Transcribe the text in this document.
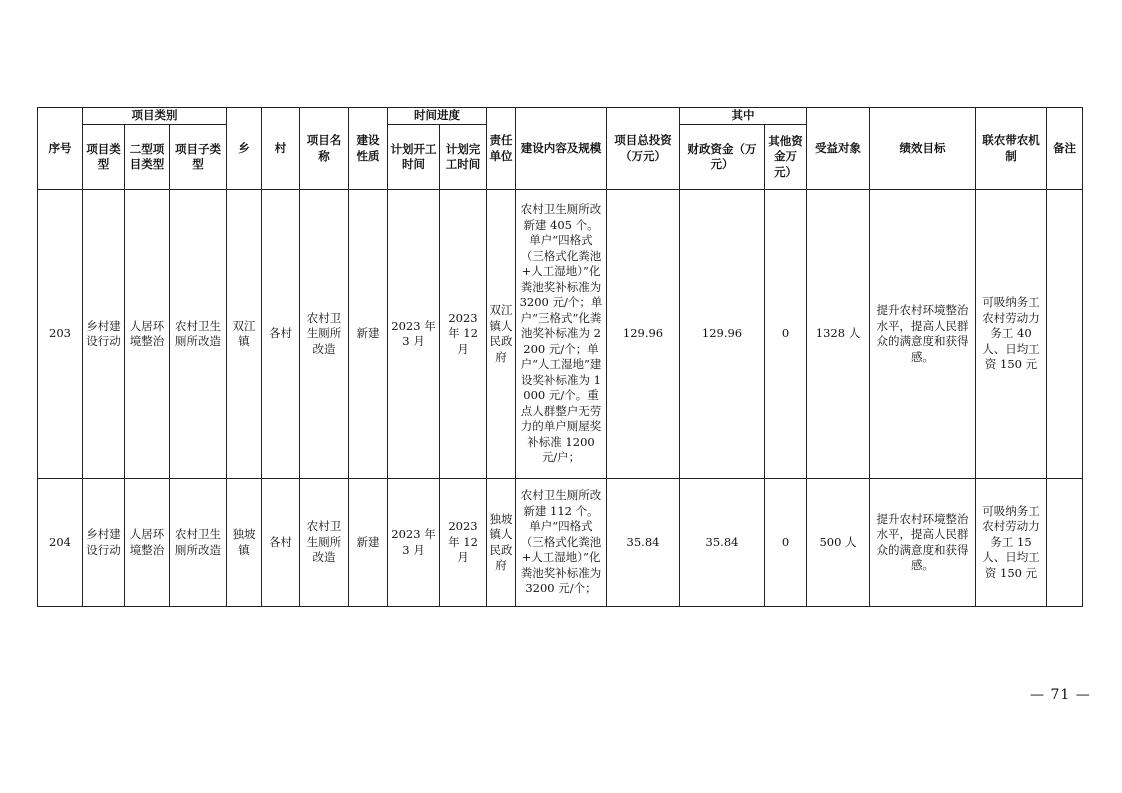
序号	项目类别			乡	村	项目名称	建设性质	时间进度		责任单位	建设内容及规模	项目总投资（万元）	其中		受益对象	绩效目标	联农带农机制	备注
	项目类型	二型项目类型	项目子类型					计划开工时间	计划完工时间				财政资金（万元）	其他资金万元）				
203	乡村建设行动	人居环境整治	农村卫生厕所改造	双江镇	各村	农村卫生厕所改造	新建	2023 年 3 月	2023 年 12 月	双江镇人民政府	农村卫生厕所改新建 405 个。单户“四格式（三格式化粪池+人工湿地）”化粪池奖补标准为 3200 元/个；单户“三格式”化粪池奖补标准为 2200 元/个；单户“人工湿地”建设奖补标准为 1000 元/个。重点人群整户无劳力的单户厕屋奖补标准 1200 元/户；	129.96	129.96	0	1328 人	提升农村环境整治水平，提高人民群众的满意度和获得感。	可吸纳务工农村劳动力务工 40 人、日均工资 150 元	
204	乡村建设行动	人居环境整治	农村卫生厕所改造	独坡镇	各村	农村卫生厕所改造	新建	2023 年 3 月	2023 年 12 月	独坡镇人民政府	农村卫生厕所改新建 112 个。单户“四格式（三格式化粪池+人工湿地）”化粪池奖补标准为 3200 元/个；	35.84	35.84	0	500 人	提升农村环境整治水平，提高人民群众的满意度和获得感。	可吸纳务工农村劳动力务工 15 人、日均工资 150 元	
— 71 —
